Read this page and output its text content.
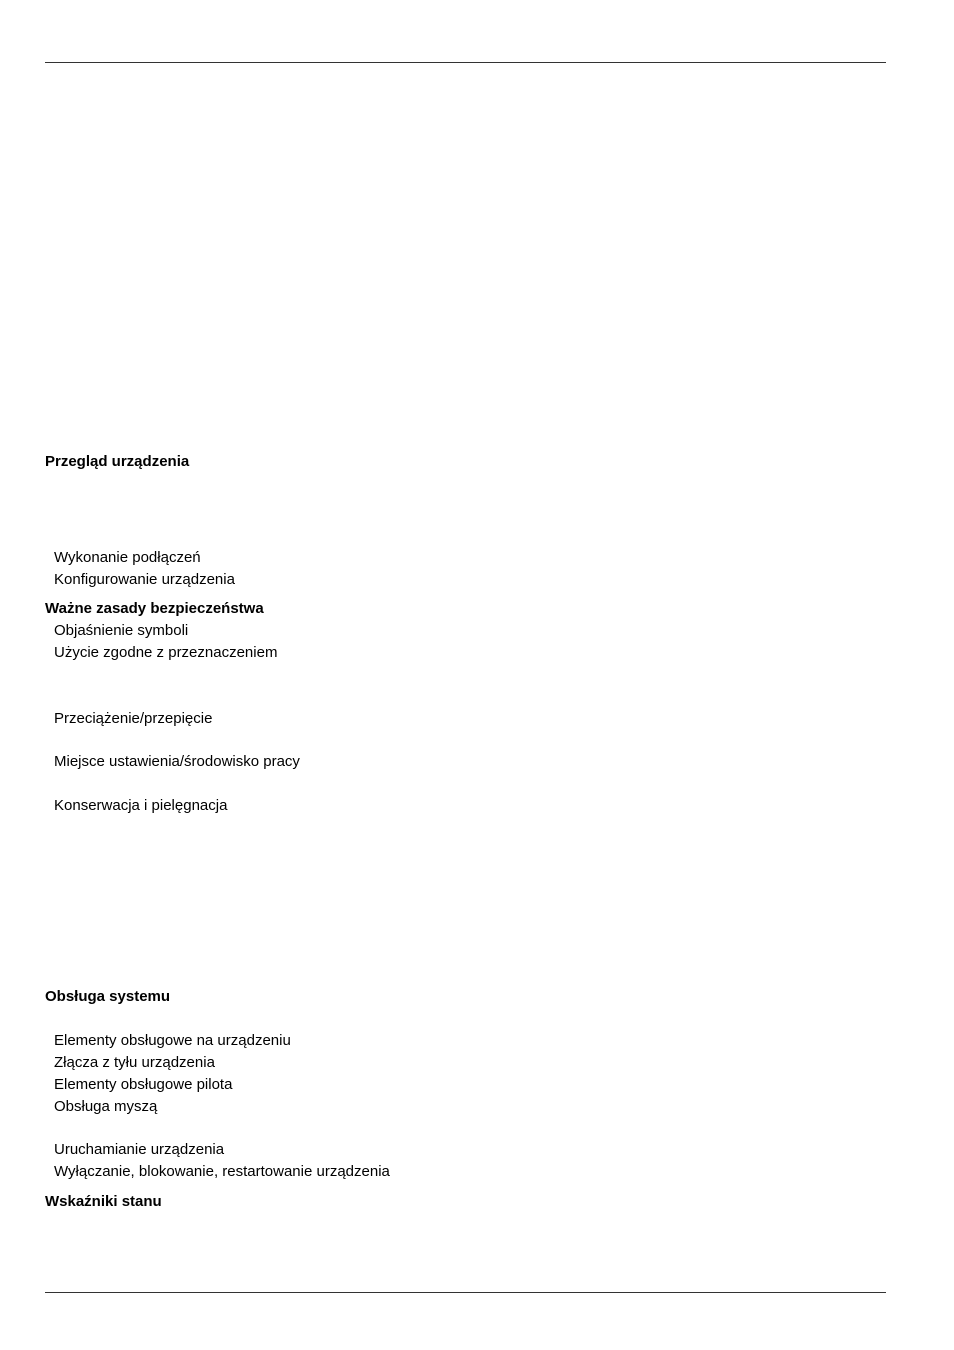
Przegląd urządzenia
Wykonanie podłączeń
Konfigurowanie urządzenia
Ważne zasady bezpieczeństwa
Objaśnienie symboli
Użycie zgodne z przeznaczeniem
Przeciążenie/przepięcie
Miejsce ustawienia/środowisko pracy
Konserwacja i pielęgnacja
Obsługa systemu
Elementy obsługowe na urządzeniu
Złącza z tyłu urządzenia
Elementy obsługowe pilota
Obsługa myszą
Uruchamianie urządzenia
Wyłączanie, blokowanie, restartowanie urządzenia
Wskaźniki stanu
